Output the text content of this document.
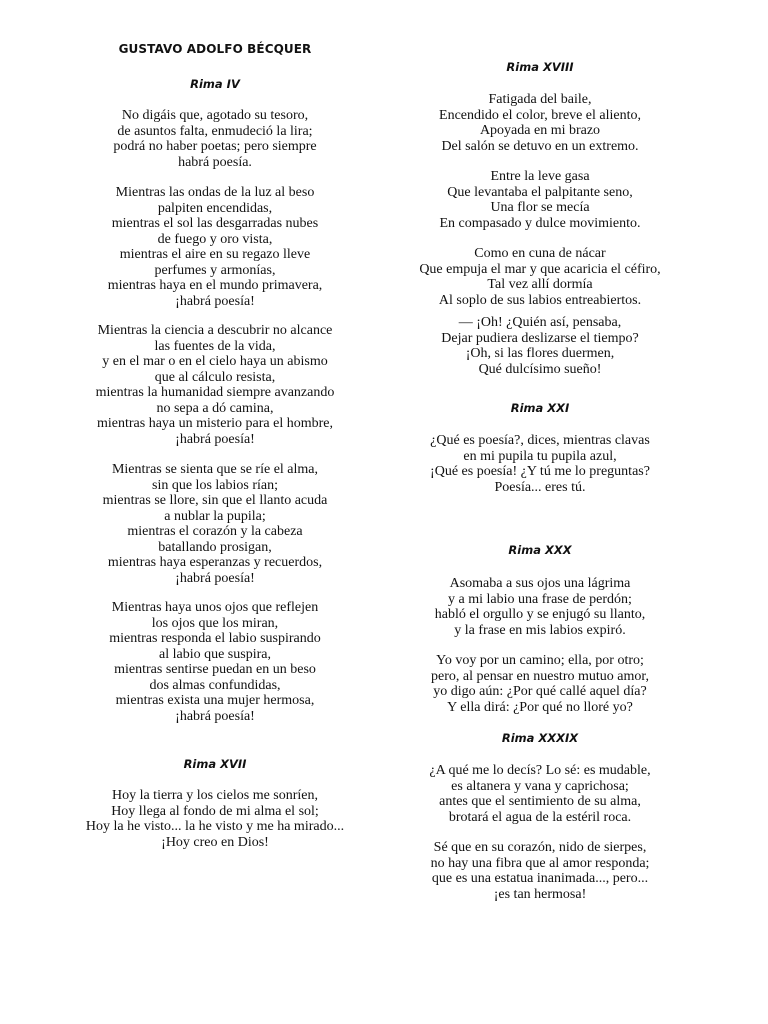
GUSTAVO ADOLFO BÉCQUER
Rima IV
No digáis que, agotado su tesoro,
de asuntos falta, enmudeció la lira;
podrá no haber poetas; pero siempre
habrá poesía.
Mientras las ondas de la luz al beso
palpiten encendidas,
mientras el sol las desgarradas nubes
de fuego y oro vista,
mientras el aire en su regazo lleve
perfumes y armonías,
mientras haya en el mundo primavera,
¡habrá poesía!
Mientras la ciencia a descubrir no alcance
las fuentes de la vida,
y en el mar o en el cielo haya un abismo
que al cálculo resista,
mientras la humanidad siempre avanzando
no sepa a dó camina,
mientras haya un misterio para el hombre,
¡habrá poesía!
Mientras se sienta que se ríe el alma,
sin que los labios rían;
mientras se llore, sin que el llanto acuda
a nublar la pupila;
mientras el corazón y la cabeza
batallando prosigan,
mientras haya esperanzas y recuerdos,
¡habrá poesía!
Mientras haya unos ojos que reflejen
los ojos que los miran,
mientras responda el labio suspirando
al labio que suspira,
mientras sentirse puedan en un beso
dos almas confundidas,
mientras exista una mujer hermosa,
¡habrá poesía!
Rima XVII
Hoy la tierra y los cielos me sonríen,
Hoy llega al fondo de mi alma el sol;
Hoy la he visto... la he visto y me ha mirado...
¡Hoy creo en Dios!
Rima XVIII
Fatigada del baile,
Encendido el color, breve el aliento,
Apoyada en mi brazo
Del salón se detuvo en un extremo.
Entre la leve gasa
Que levantaba el palpitante seno,
Una flor se mecía
En compasado y dulce movimiento.
Como en cuna de nácar
Que empuja el mar y que acaricia el céfiro,
Tal vez allí dormía
Al soplo de sus labios entreabiertos.
— ¡Oh! ¿Quién así, pensaba,
Dejar pudiera deslizarse el tiempo?
¡Oh, si las flores duermen,
Qué dulcísimo sueño!
Rima XXI
¿Qué es poesía?, dices, mientras clavas
en mi pupila tu pupila azul,
¡Qué es poesía! ¿Y tú me lo preguntas?
Poesía... eres tú.
Rima XXX
Asomaba a sus ojos una lágrima
y a mi labio una frase de perdón;
habló el orgullo y se enjugó su llanto,
y la frase en mis labios expiró.
Yo voy por un camino; ella, por otro;
pero, al pensar en nuestro mutuo amor,
yo digo aún: ¿Por qué callé aquel día?
Y ella dirá: ¿Por qué no lloré yo?
Rima XXXIX
¿A qué me lo decís? Lo sé: es mudable,
es altanera y vana y caprichosa;
antes que el sentimiento de su alma,
brotará el agua de la estéril roca.
Sé que en su corazón, nido de sierpes,
no hay una fibra que al amor responda;
que es una estatua inanimada..., pero...
¡es tan hermosa!
